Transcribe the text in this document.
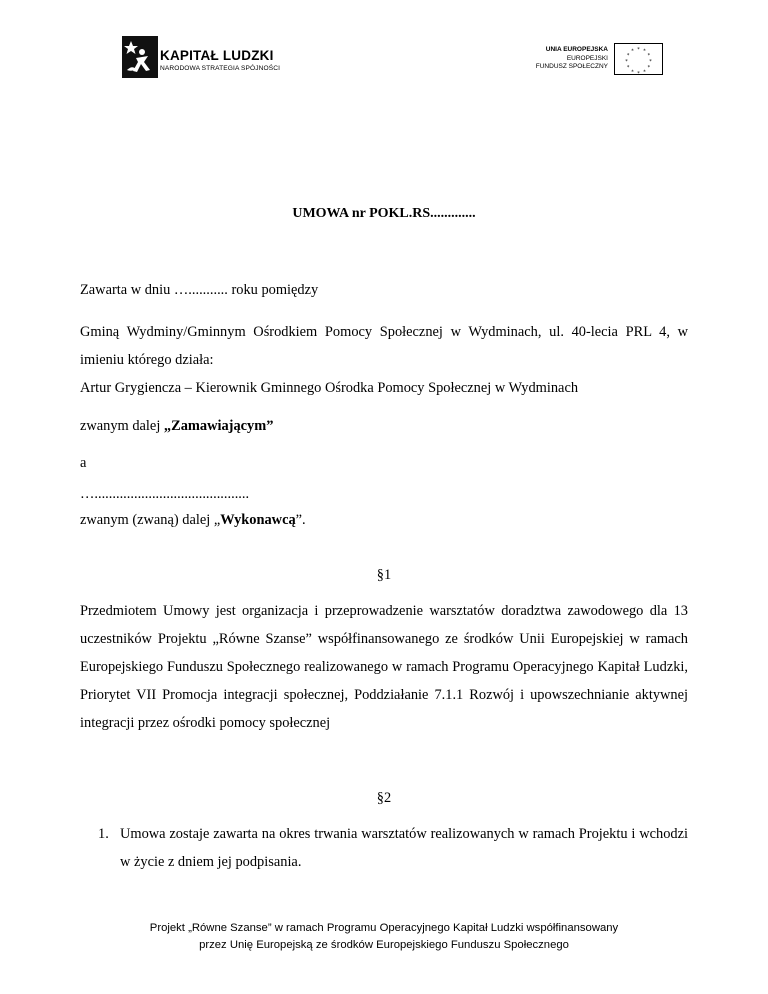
KAPITAŁ LUDZKI
NARODOWA STRATEGIA SPÓJNOŚCI
UNIA EUROPEJSKA
EUROPEJSKI
FUNDUSZ SPOŁECZNY
* *
*
*
*
*
*
*
*
*
*
*
UMOWA nr POKL.RS.............
Zawarta w dniu …........... roku pomiędzy
Gminą Wydminy/Gminnym Ośrodkiem Pomocy Społecznej w Wydminach, ul. 40-lecia PRL 4, w imieniu którego działa:
Artur Grygiencza – Kierownik Gminnego Ośrodka Pomocy Społecznej w Wydminach
zwanym dalej „Zamawiającym”
a
…...........................................
zwanym (zwaną) dalej „Wykonawcą”.
§1
Przedmiotem Umowy jest organizacja i przeprowadzenie warsztatów doradztwa zawodowego dla 13 uczestników Projektu „Równe Szanse” współfinansowanego ze środków Unii Europejskiej w ramach Europejskiego Funduszu Społecznego realizowanego w ramach Programu Operacyjnego Kapitał Ludzki, Priorytet VII Promocja integracji społecznej, Poddziałanie 7.1.1 Rozwój i upowszechnianie aktywnej integracji przez ośrodki pomocy społecznej
§2
1. Umowa zostaje zawarta na okres trwania warsztatów realizowanych w ramach Projektu i wchodzi w życie z dniem jej podpisania.
Projekt „Równe Szanse” w ramach Programu Operacyjnego Kapitał Ludzki współfinansowany
przez Unię Europejską ze środków Europejskiego Funduszu Społecznego
